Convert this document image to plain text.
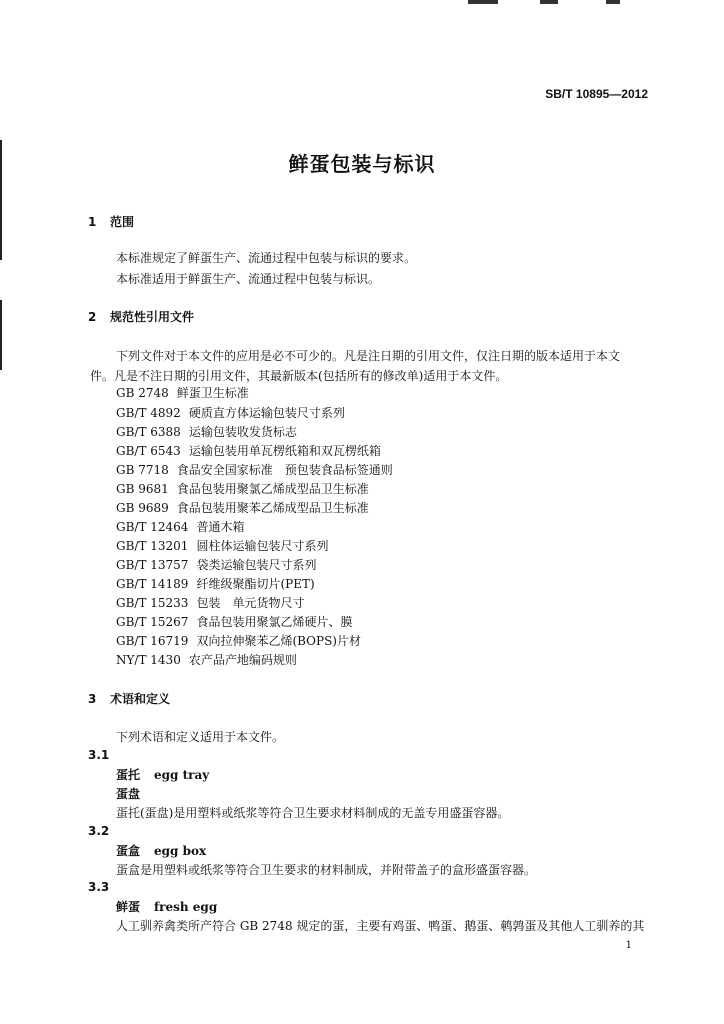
SB/T 10895—2012
鲜蛋包装与标识
1 范围
本标准规定了鲜蛋生产、流通过程中包装与标识的要求。
本标准适用于鲜蛋生产、流通过程中包装与标识。
2 规范性引用文件
下列文件对于本文件的应用是必不可少的。凡是注日期的引用文件，仅注日期的版本适用于本文
件。凡是不注日期的引用文件，其最新版本(包括所有的修改单)适用于本文件。
GB 2748 鲜蛋卫生标准
GB/T 4892 硬质直方体运输包装尺寸系列
GB/T 6388 运输包装收发货标志
GB/T 6543 运输包装用单瓦楞纸箱和双瓦楞纸箱
GB 7718 食品安全国家标准　预包装食品标签通则
GB 9681 食品包装用聚氯乙烯成型品卫生标准
GB 9689 食品包装用聚苯乙烯成型品卫生标准
GB/T 12464 普通木箱
GB/T 13201 圆柱体运输包装尺寸系列
GB/T 13757 袋类运输包装尺寸系列
GB/T 14189 纤维级聚酯切片(PET)
GB/T 15233 包装　单元货物尺寸
GB/T 15267 食品包装用聚氯乙烯硬片、膜
GB/T 16719 双向拉伸聚苯乙烯(BOPS)片材
NY/T 1430 农产品产地编码规则
3 术语和定义
下列术语和定义适用于本文件。
3.1
蛋托 egg tray
蛋盘
蛋托(蛋盘)是用塑料或纸浆等符合卫生要求材料制成的无盖专用盛蛋容器。
3.2
蛋盒 egg box
蛋盒是用塑料或纸浆等符合卫生要求的材料制成，并附带盖子的盒形盛蛋容器。
3.3
鲜蛋 fresh egg
人工驯养禽类所产符合 GB 2748 规定的蛋，主要有鸡蛋、鸭蛋、鹅蛋、鹌鹑蛋及其他人工驯养的其
1
